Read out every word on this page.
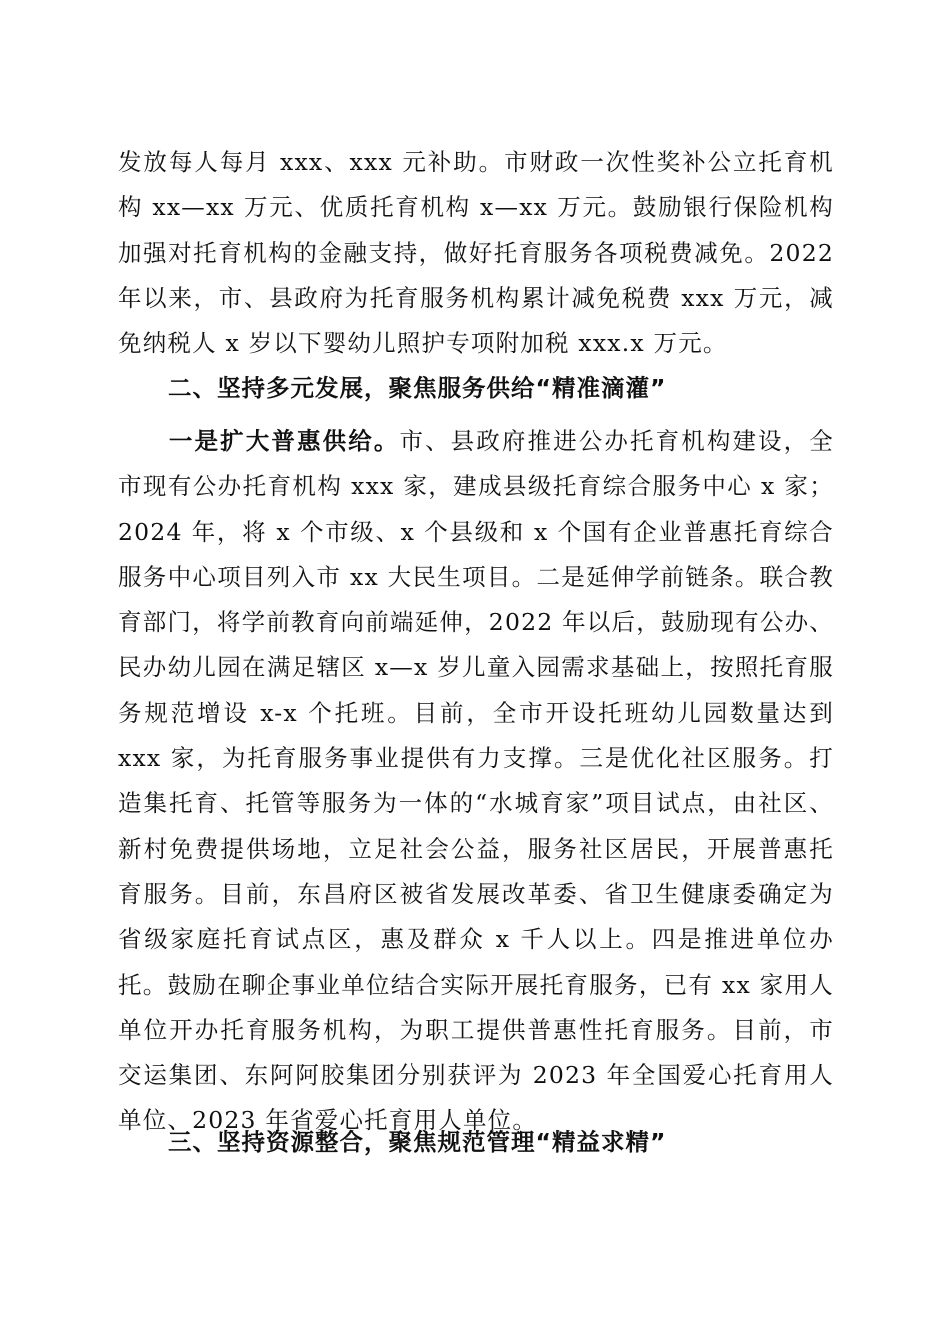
发放每人每月 xxx、xxx 元补助。市财政一次性奖补公立托育机构 xx—xx 万元、优质托育机构 x—xx 万元。鼓励银行保险机构加强对托育机构的金融支持，做好托育服务各项税费减免。2022 年以来，市、县政府为托育服务机构累计减免税费 xxx 万元，减免纳税人 x 岁以下婴幼儿照护专项附加税 xxx.x 万元。

二、坚持多元发展，聚焦服务供给“精准滴灌”

一是扩大普惠供给。市、县政府推进公办托育机构建设，全市现有公办托育机构 xxx 家，建成县级托育综合服务中心 x 家；2024 年，将 x 个市级、x 个县级和 x 个国有企业普惠托育综合服务中心项目列入市 xx 大民生项目。二是延伸学前链条。联合教育部门，将学前教育向前端延伸，2022 年以后，鼓励现有公办、民办幼儿园在满足辖区 x—x 岁儿童入园需求基础上，按照托育服务规范增设 x-x 个托班。目前，全市开设托班幼儿园数量达到 xxx 家，为托育服务事业提供有力支撑。三是优化社区服务。打造集托育、托管等服务为一体的“水城育家”项目试点，由社区、新村免费提供场地，立足社会公益，服务社区居民，开展普惠托育服务。目前，东昌府区被省发展改革委、省卫生健康委确定为省级家庭托育试点区，惠及群众 x 千人以上。四是推进单位办托。鼓励在聊企事业单位结合实际开展托育服务，已有 xx 家用人单位开办托育服务机构，为职工提供普惠性托育服务。目前，市交运集团、东阿阿胶集团分别获评为 2023 年全国爱心托育用人单位、2023 年省爱心托育用人单位。

三、坚持资源整合，聚焦规范管理“精益求精”
